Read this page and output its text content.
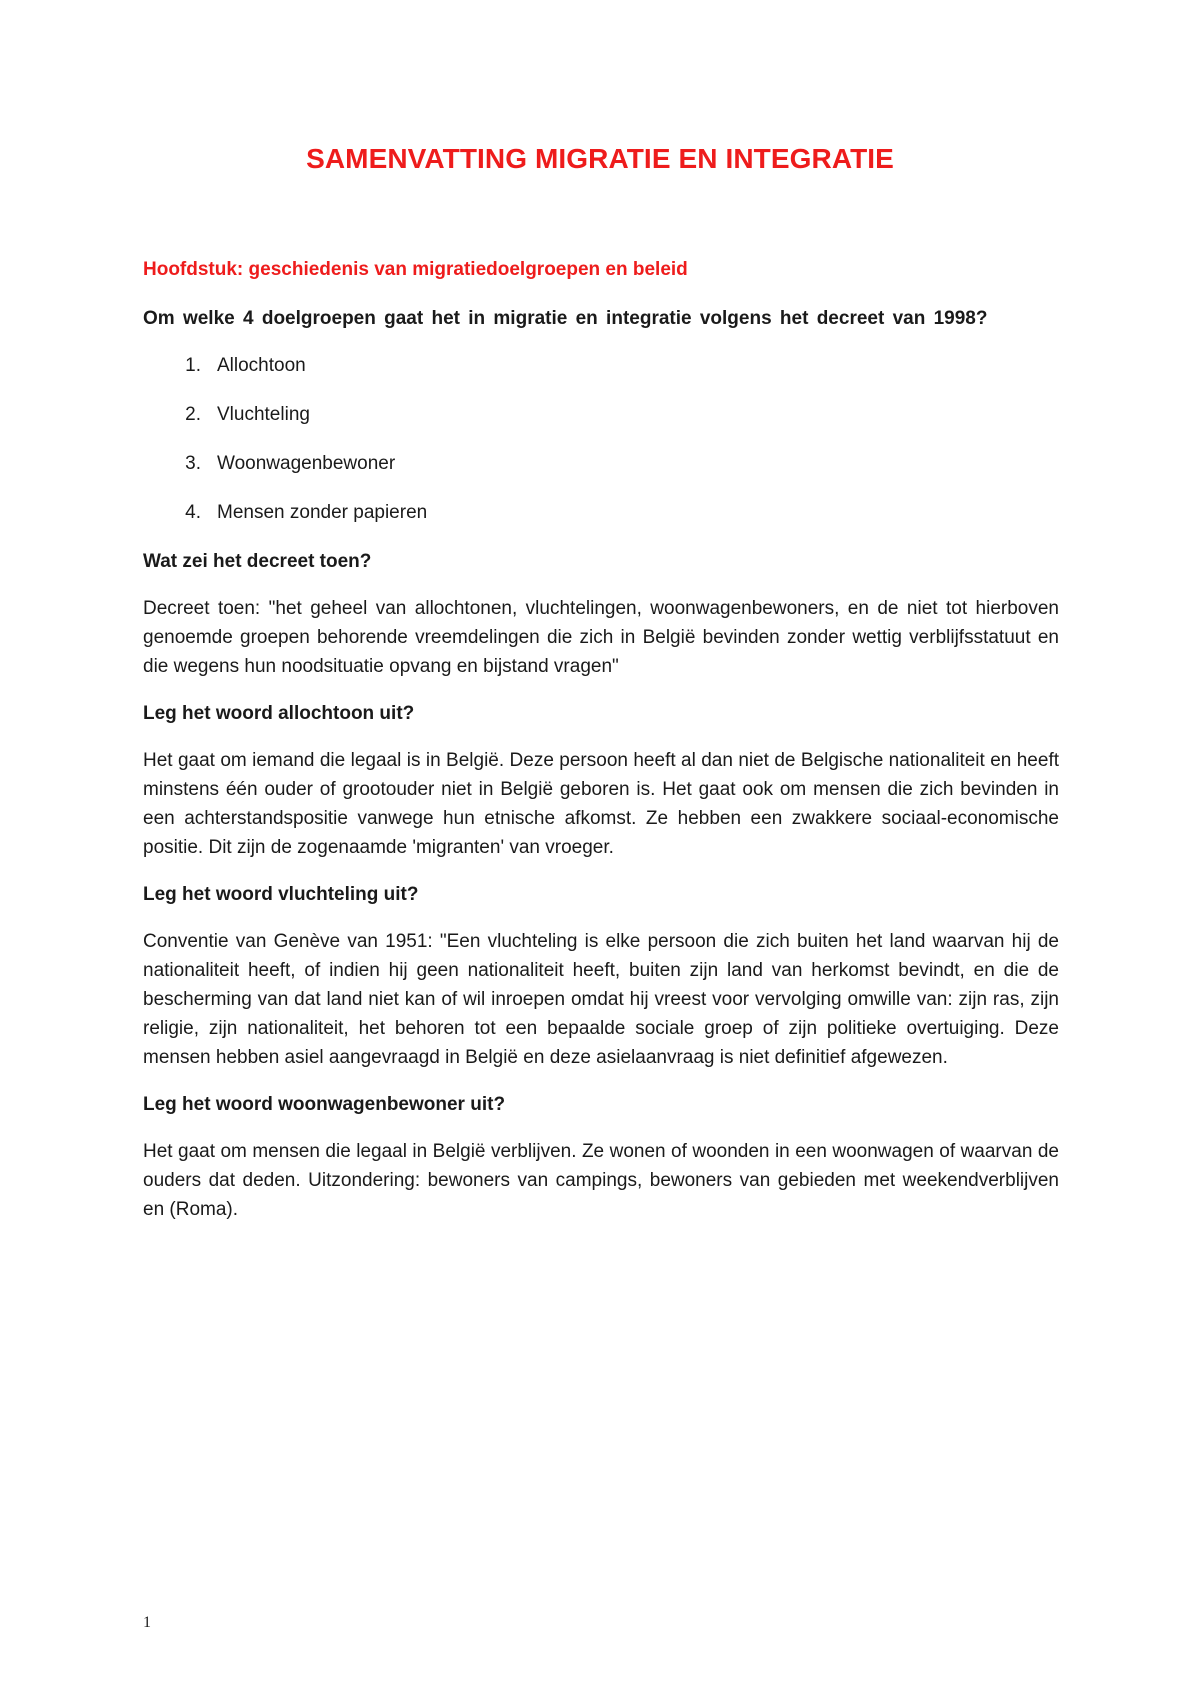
SAMENVATTING MIGRATIE EN INTEGRATIE

Hoofdstuk: geschiedenis van migratiedoelgroepen en beleid

Om welke 4 doelgroepen gaat het in migratie en integratie volgens het decreet van 1998?

1. Allochtoon
2. Vluchteling
3. Woonwagenbewoner
4. Mensen zonder papieren

Wat zei het decreet toen?

Decreet toen: "het geheel van allochtonen, vluchtelingen, woonwagenbewoners, en de niet tot hierboven genoemde groepen behorende vreemdelingen die zich in België bevinden zonder wettig verblijfsstatuut en die wegens hun noodsituatie opvang en bijstand vragen"

Leg het woord allochtoon uit?

Het gaat om iemand die legaal is in België. Deze persoon heeft al dan niet de Belgische nationaliteit en heeft minstens één ouder of grootouder niet in België geboren is. Het gaat ook om mensen die zich bevinden in een achterstandspositie vanwege hun etnische afkomst. Ze hebben een zwakkere sociaal-economische positie. Dit zijn de zogenaamde 'migranten' van vroeger.

Leg het woord vluchteling uit?

Conventie van Genève van 1951: "Een vluchteling is elke persoon die zich buiten het land waarvan hij de nationaliteit heeft, of indien hij geen nationaliteit heeft, buiten zijn land van herkomst bevindt, en die de bescherming van dat land niet kan of wil inroepen omdat hij vreest voor vervolging omwille van: zijn ras, zijn religie, zijn nationaliteit, het behoren tot een bepaalde sociale groep of zijn politieke overtuiging. Deze mensen hebben asiel aangevraagd in België en deze asielaanvraag is niet definitief afgewezen.

Leg het woord woonwagenbewoner uit?

Het gaat om mensen die legaal in België verblijven. Ze wonen of woonden in een woonwagen of waarvan de ouders dat deden. Uitzondering: bewoners van campings, bewoners van gebieden met weekendverblijven en (Roma).

1
